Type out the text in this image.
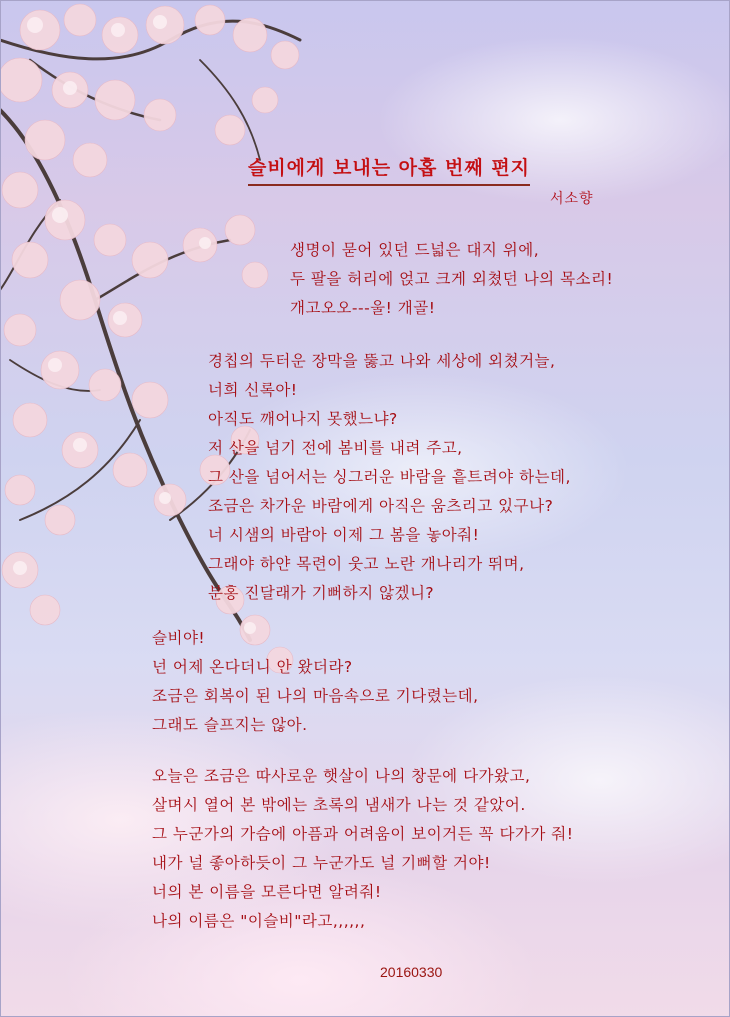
슬비에게 보내는 아홉 번째 편지
서소향
생명이 묻어 있던 드넓은 대지 위에,
두 팔을 허리에 얹고 크게 외쳤던 나의 목소리!
개고오오---울! 개골!
경칩의 두터운 장막을 뚫고 나와 세상에 외쳤거늘,
너희 신록아!
아직도 깨어나지 못했느냐?
저 산을 넘기 전에 봄비를 내려 주고,
그 산을 넘어서는 싱그러운 바람을 흩트려야 하는데,
조금은 차가운 바람에게 아직은 움츠리고 있구나?
너 시샘의 바람아 이제 그 봄을 놓아줘!
그래야 하얀 목련이 웃고 노란 개나리가 뛰며,
분홍 진달래가 기뻐하지 않겠니?
슬비야!
넌 어제 온다더니 안 왔더라?
조금은 회복이 된 나의 마음속으로 기다렸는데,
그래도 슬프지는 않아.
오늘은 조금은 따사로운 햇살이 나의 창문에 다가왔고,
살며시 열어 본 밖에는 초록의 냄새가 나는 것 같았어.
그 누군가의 가슴에 아픔과 어려움이 보이거든 꼭 다가가 줘!
내가 널 좋아하듯이 그 누군가도 널 기뻐할 거야!
너의 본 이름을 모른다면 알려줘!
나의 이름은 "이슬비"라고,,,,,,
20160330
